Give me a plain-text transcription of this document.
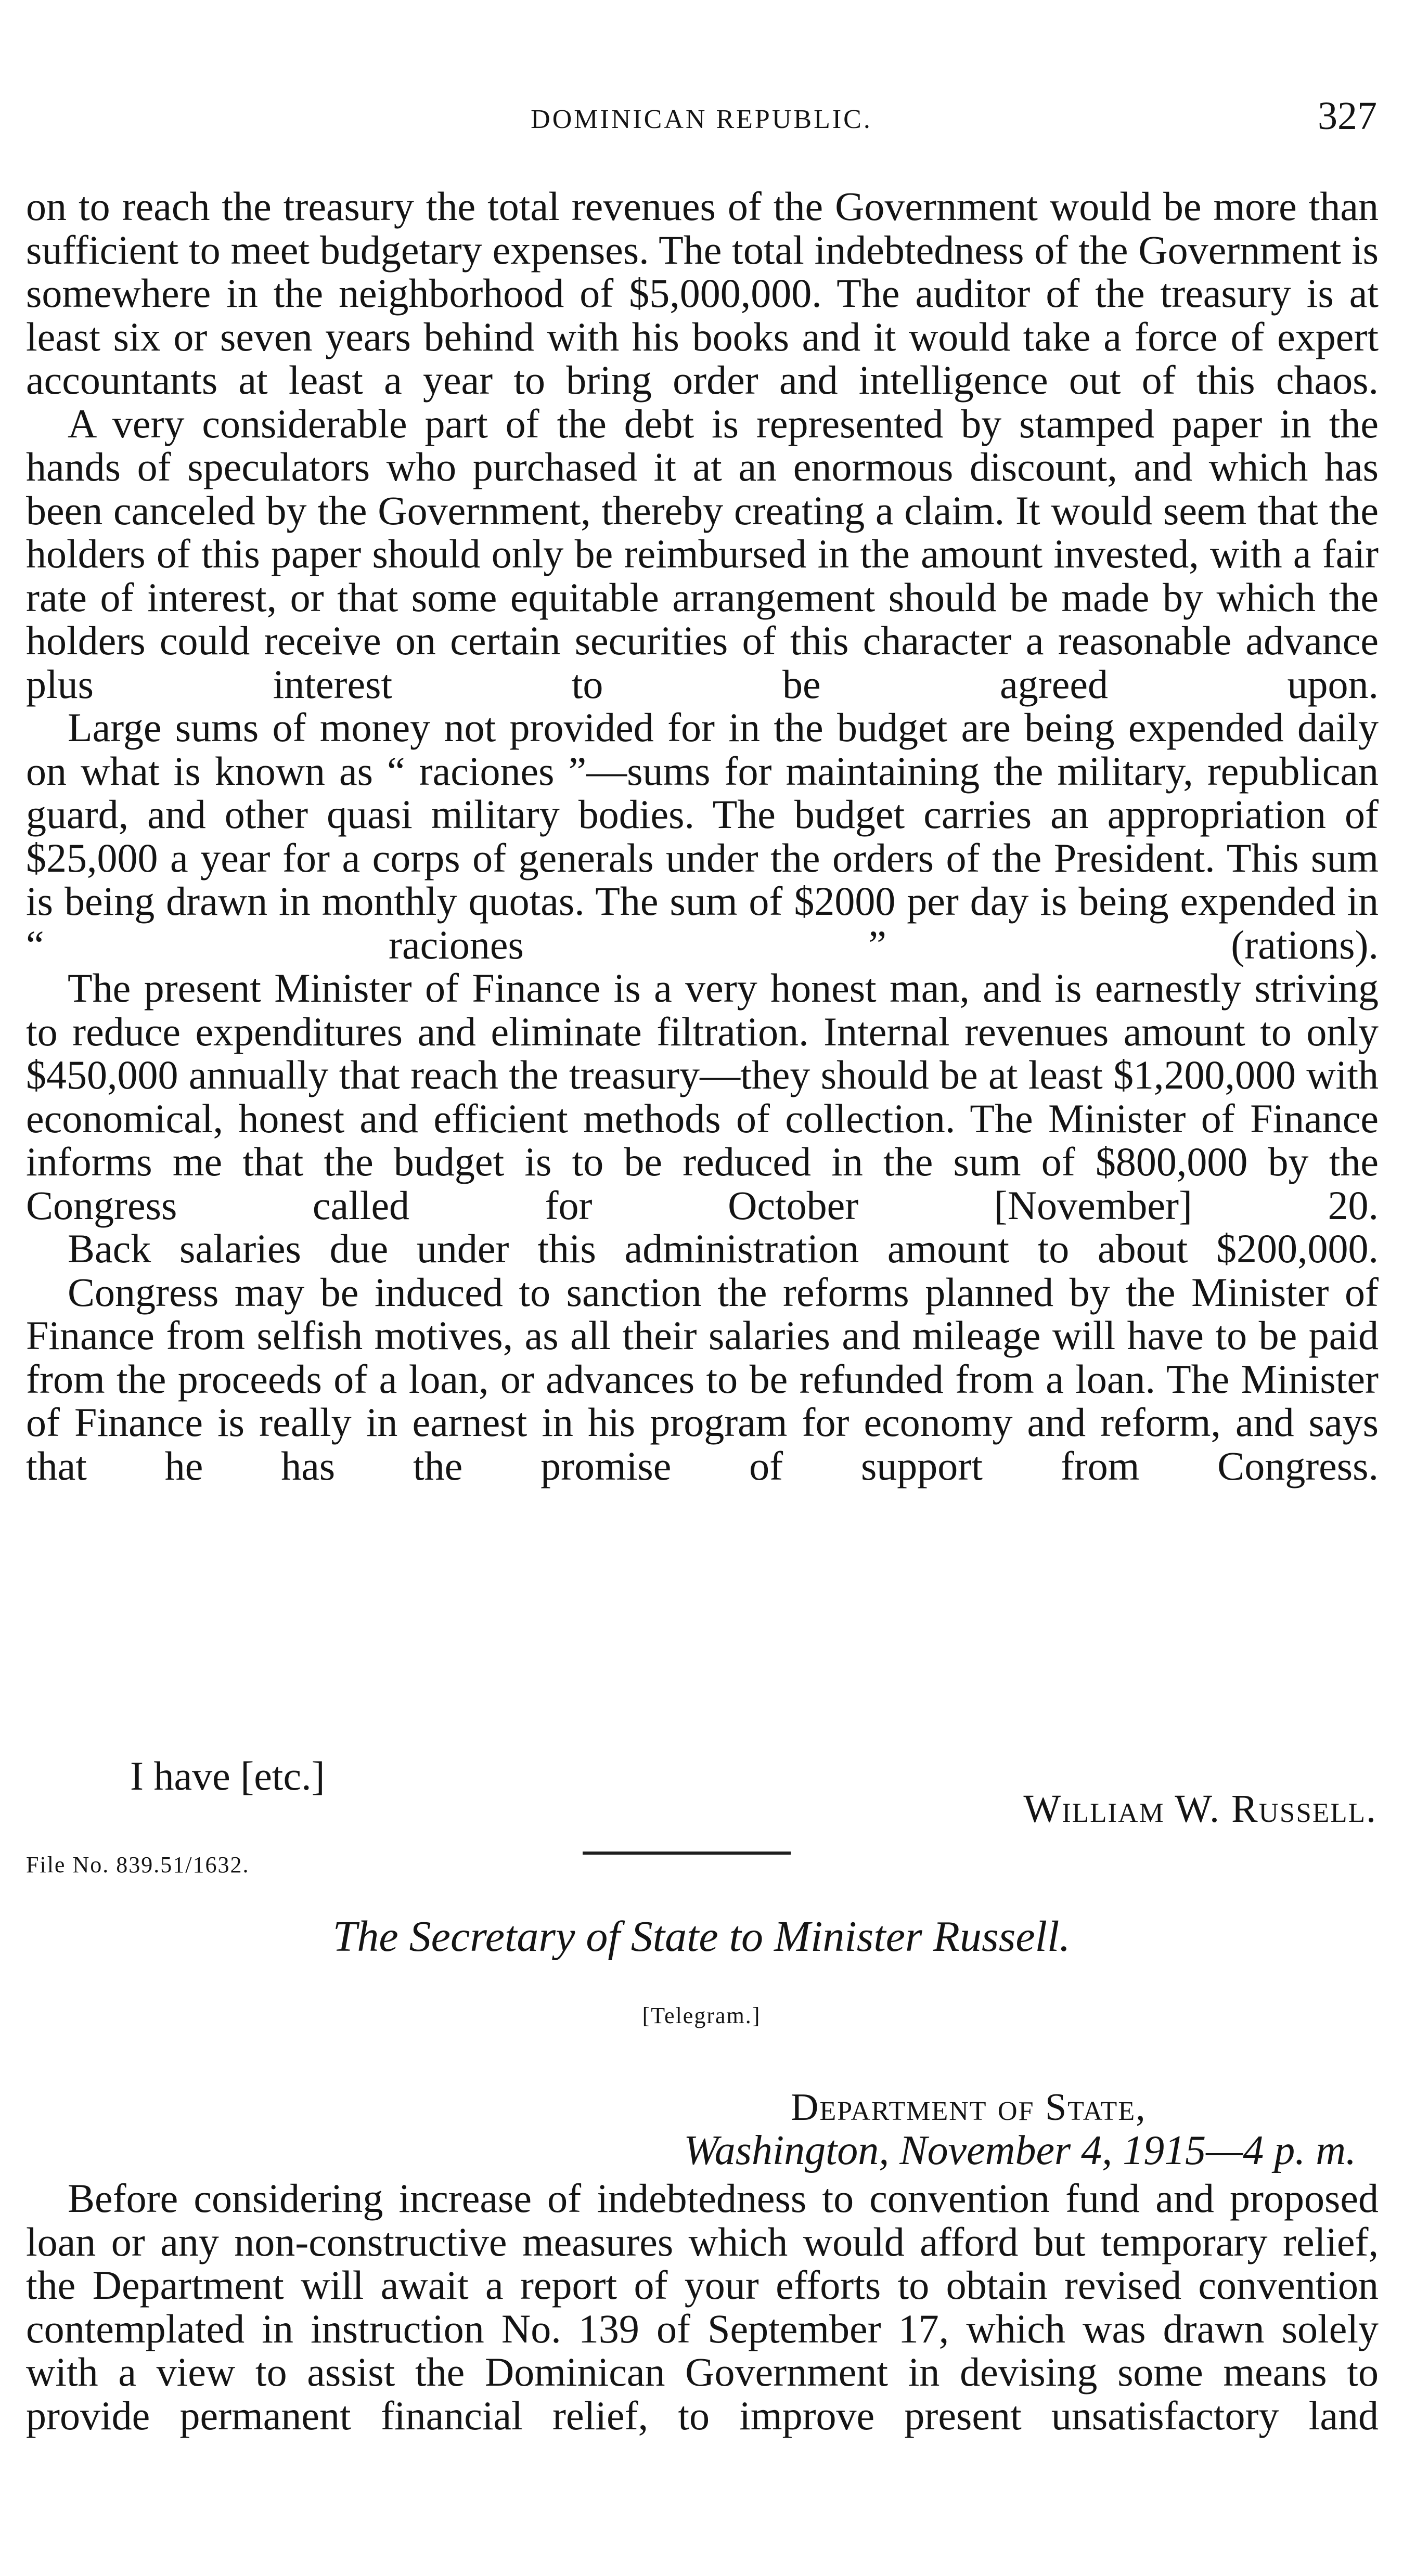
DOMINICAN REPUBLIC.	327

on to reach the treasury the total revenues of the Government would be more than sufficient to meet budgetary expenses. The total indebtedness of the Government is somewhere in the neighborhood of $5,000,000. The auditor of the treasury is at least six or seven years behind with his books and it would take a force of expert accountants at least a year to bring order and intelligence out of this chaos.

A very considerable part of the debt is represented by stamped paper in the hands of speculators who purchased it at an enormous discount, and which has been canceled by the Government, thereby creating a claim. It would seem that the holders of this paper should only be reimbursed in the amount invested, with a fair rate of interest, or that some equitable arrangement should be made by which the holders could receive on certain securities of this character a reasonable advance plus interest to be agreed upon.

Large sums of money not provided for in the budget are being expended daily on what is known as “ raciones ”—sums for maintaining the military, republican guard, and other quasi military bodies. The budget carries an appropriation of $25,000 a year for a corps of generals under the orders of the President. This sum is being drawn in monthly quotas. The sum of $2000 per day is being expended in “ raciones ” (rations).

The present Minister of Finance is a very honest man, and is earnestly striving to reduce expenditures and eliminate filtration. Internal revenues amount to only $450,000 annually that reach the treasury—they should be at least $1,200,000 with economical, honest and efficient methods of collection. The Minister of Finance informs me that the budget is to be reduced in the sum of $800,000 by the Congress called for October [November] 20.

Back salaries due under this administration amount to about $200,000.

Congress may be induced to sanction the reforms planned by the Minister of Finance from selfish motives, as all their salaries and mileage will have to be paid from the proceeds of a loan, or advances to be refunded from a loan. The Minister of Finance is really in earnest in his program for economy and reform, and says that he has the promise of support from Congress.

I have [etc.]
William W. Russell.
File No. 839.51/1632.
The Secretary of State to Minister Russell.
[Telegram.]
Department of State,
Washington, November 4, 1915—4 p. m.

Before considering increase of indebtedness to convention fund and proposed loan or any non-constructive measures which would afford but temporary relief, the Department will await a report of your efforts to obtain revised convention contemplated in instruction No. 139 of September 17, which was drawn solely with a view to assist the Dominican Government in devising some means to provide permanent financial relief, to improve present unsatisfactory land
